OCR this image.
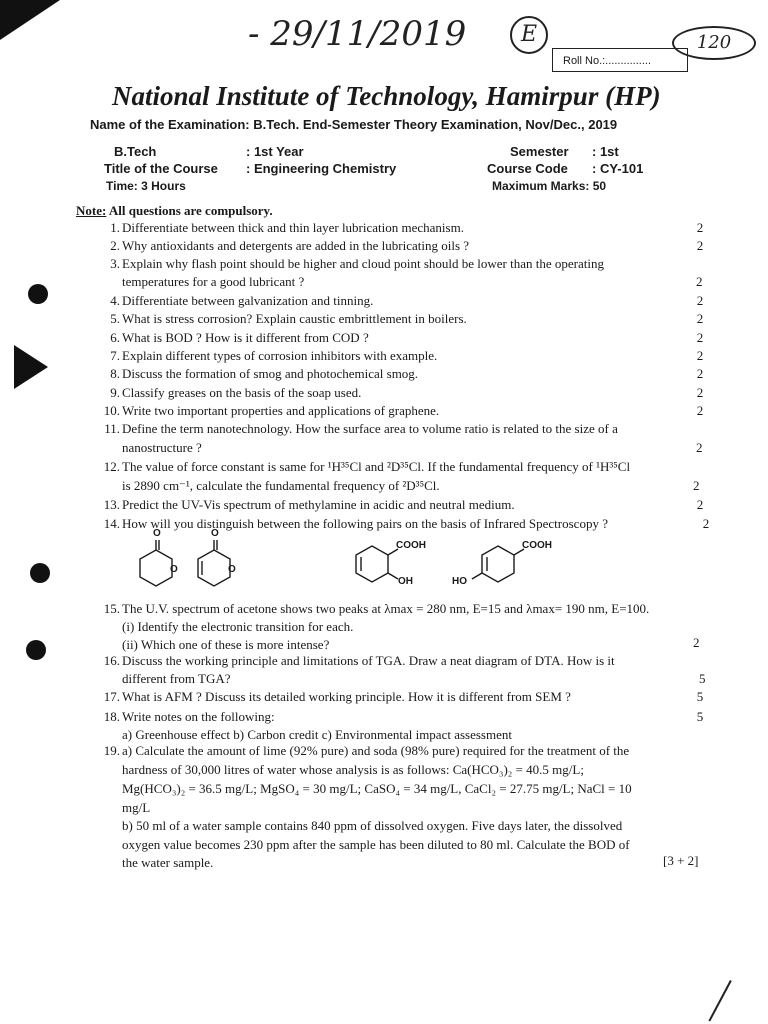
- 29/11/2019	E	120
Roll No.:...............
National Institute of Technology, Hamirpur (HP)
Name of the Examination: B.Tech. End-Semester Theory Examination, Nov/Dec., 2019
B.Tech	: 1st Year
Title of the Course : Engineering Chemistry
Time: 3 Hours
Semester : 1st
Course Code : CY-101
Maximum Marks: 50
Note: All questions are compulsory.
1. Differentiate between thick and thin layer lubrication mechanism.	2
2. Why antioxidants and detergents are added in the lubricating oils ?	2
3. Explain why flash point should be higher and cloud point should be lower than the operating
temperatures for a good lubricant ?	2
4. Differentiate between galvanization and tinning.	2
5. What is stress corrosion? Explain caustic embrittlement in boilers.	2
6. What is BOD ? How is it different from COD ?	2
7. Explain different types of corrosion inhibitors with example.	2
8. Discuss the formation of smog and photochemical smog.	2
9. Classify greases on the basis of the soap used.	2
10. Write two important properties and applications of graphene.	2
11. Define the term nanotechnology. How the surface area to volume ratio is related to the size of a
nanostructure ?	2
12. The value of force constant is same for ¹H³⁵Cl and ²D³⁵Cl. If the fundamental frequency of ¹H³⁵Cl
is 2890 cm⁻¹, calculate the fundamental frequency of ²D³⁵Cl.	2
13. Predict the UV-Vis spectrum of methylamine in acidic and neutral medium.	2
14. How will you distinguish between the following pairs on the basis of Infrared Spectroscopy ?	2
O
O
O
O
COOH
OH
COOH
HO
15. The U.V. spectrum of acetone shows two peaks at λmax = 280 nm, E=15 and λmax= 190 nm, E=100.
(i) Identify the electronic transition for each.
(ii) Which one of these is more intense?	2
16. Discuss the working principle and limitations of TGA. Draw a neat diagram of DTA. How is it
different from TGA?	5
17. What is AFM ? Discuss its detailed working principle. How it is different from SEM ?	5
18. Write notes on the following:	5
a) Greenhouse effect b) Carbon credit c) Environmental impact assessment
19. a) Calculate the amount of lime (92% pure) and soda (98% pure) required for the treatment of the
hardness of 30,000 litres of water whose analysis is as follows: Ca(HCO₃)₂ = 40.5 mg/L;
Mg(HCO₃)₂ = 36.5 mg/L; MgSO₄ = 30 mg/L; CaSO₄ = 34 mg/L, CaCl₂ = 27.75 mg/L; NaCl = 10
mg/L
b) 50 ml of a water sample contains 840 ppm of dissolved oxygen. Five days later, the dissolved
oxygen value becomes 230 ppm after the sample has been diluted to 80 ml. Calculate the BOD of
the water sample.	[3 + 2]
